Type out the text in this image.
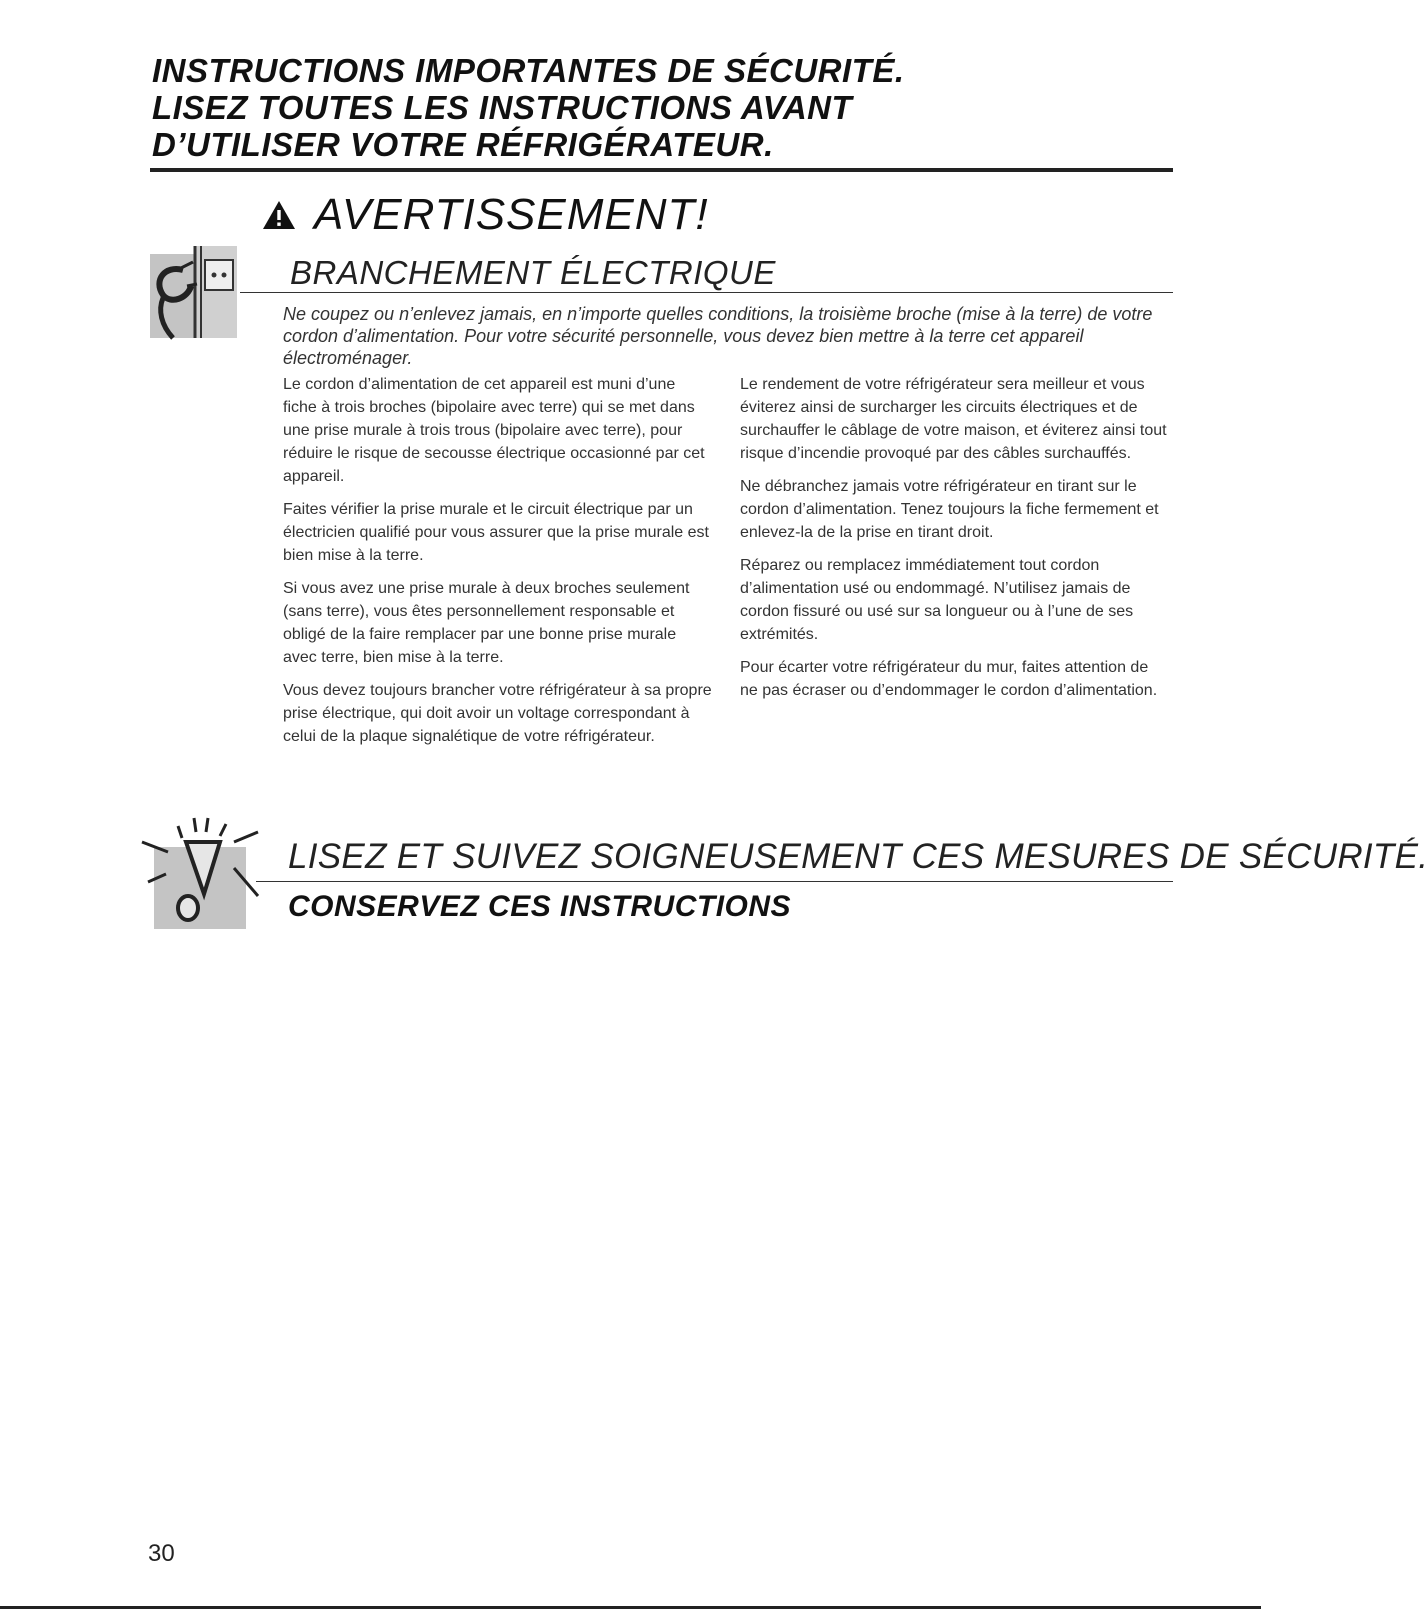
INSTRUCTIONS IMPORTANTES DE SÉCURITÉ.
LISEZ TOUTES LES INSTRUCTIONS AVANT
D’UTILISER VOTRE RÉFRIGÉRATEUR.
AVERTISSEMENT!
BRANCHEMENT ÉLECTRIQUE
Ne coupez ou n’enlevez jamais, en n’importe quelles conditions, la troisième broche (mise à la terre) de votre cordon d’alimentation. Pour votre sécurité personnelle, vous devez bien mettre à la terre cet appareil électroménager.

Le cordon d’alimentation de cet appareil est muni d’une fiche à trois broches (bipolaire avec terre) qui se met dans une prise murale à trois trous (bipolaire avec terre), pour réduire le risque de secousse électrique occasionné par cet appareil.

Faites vérifier la prise murale et le circuit électrique par un électricien qualifié pour vous assurer que la prise murale est bien mise à la terre.

Si vous avez une prise murale à deux broches seulement (sans terre), vous êtes personnellement responsable et obligé de la faire remplacer par une bonne prise murale avec terre, bien mise à la terre.

Vous devez toujours brancher votre réfrigérateur à sa propre prise électrique, qui doit avoir un voltage correspondant à celui de la plaque signalétique de votre réfrigérateur.

Le rendement de votre réfrigérateur sera meilleur et vous éviterez ainsi de surcharger les circuits électriques et de surchauffer le câblage de votre maison, et éviterez ainsi tout risque d’incendie provoqué par des câbles surchauffés.

Ne débranchez jamais votre réfrigérateur en tirant sur le cordon d’alimentation. Tenez toujours la fiche fermement et enlevez-la de la prise en tirant droit.

Réparez ou remplacez immédiatement tout cordon d’alimentation usé ou endommagé. N’utilisez jamais de cordon fissuré ou usé sur sa longueur ou à l’une de ses extrémités.

Pour écarter votre réfrigérateur du mur, faites attention de ne pas écraser ou d’endommager le cordon d’alimentation.

LISEZ ET SUIVEZ SOIGNEUSEMENT CES MESURES DE SÉCURITÉ.
CONSERVEZ CES INSTRUCTIONS
30
